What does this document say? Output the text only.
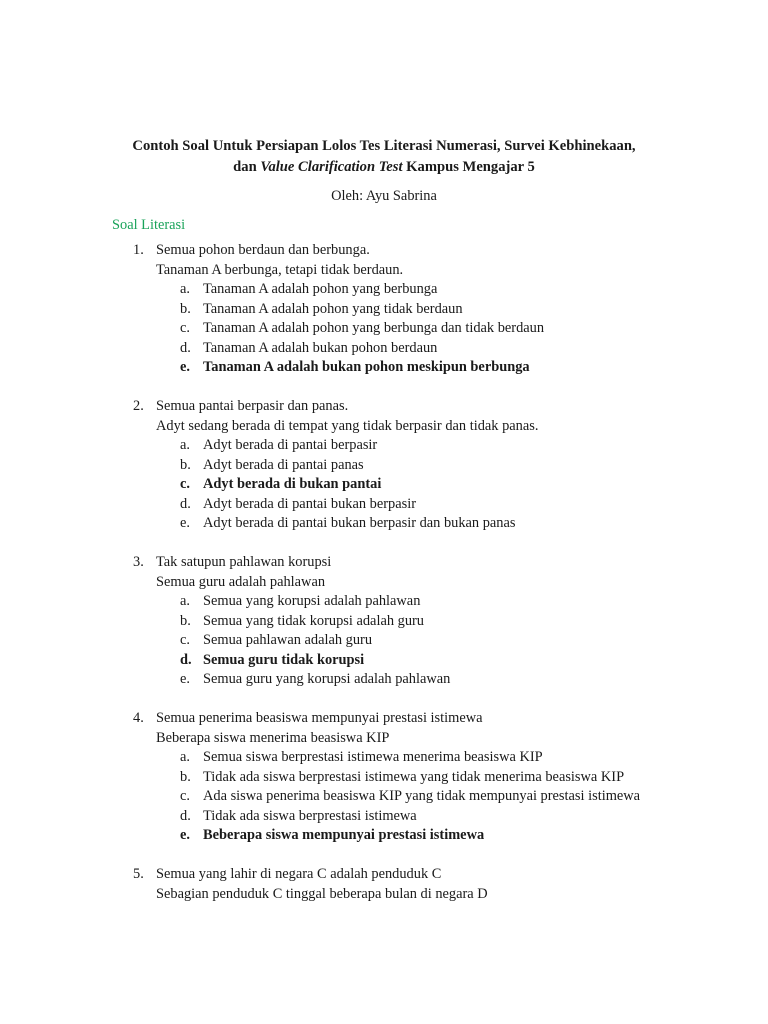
Contoh Soal Untuk Persiapan Lolos Tes Literasi Numerasi, Survei Kebhinekaan,
dan Value Clarification Test Kampus Mengajar 5
Oleh: Ayu Sabrina
Soal Literasi
1. Semua pohon berdaun dan berbunga.
Tanaman A berbunga, tetapi tidak berdaun.
a. Tanaman A adalah pohon yang berbunga
b. Tanaman A adalah pohon yang tidak berdaun
c. Tanaman A adalah pohon yang berbunga dan tidak berdaun
d. Tanaman A adalah bukan pohon berdaun
e. Tanaman A adalah bukan pohon meskipun berbunga
2. Semua pantai berpasir dan panas.
Adyt sedang berada di tempat yang tidak berpasir dan tidak panas.
a. Adyt berada di pantai berpasir
b. Adyt berada di pantai panas
c. Adyt berada di bukan pantai
d. Adyt berada di pantai bukan berpasir
e. Adyt berada di pantai bukan berpasir dan bukan panas
3. Tak satupun pahlawan korupsi
Semua guru adalah pahlawan
a. Semua yang korupsi adalah pahlawan
b. Semua yang tidak korupsi adalah guru
c. Semua pahlawan adalah guru
d. Semua guru tidak korupsi
e. Semua guru yang korupsi adalah pahlawan
4. Semua penerima beasiswa mempunyai prestasi istimewa
Beberapa siswa menerima beasiswa KIP
a. Semua siswa berprestasi istimewa menerima beasiswa KIP
b. Tidak ada siswa berprestasi istimewa yang tidak menerima beasiswa KIP
c. Ada siswa penerima beasiswa KIP yang tidak mempunyai prestasi istimewa
d. Tidak ada siswa berprestasi istimewa
e. Beberapa siswa mempunyai prestasi istimewa
5. Semua yang lahir di negara C adalah penduduk C
Sebagian penduduk C tinggal beberapa bulan di negara D
